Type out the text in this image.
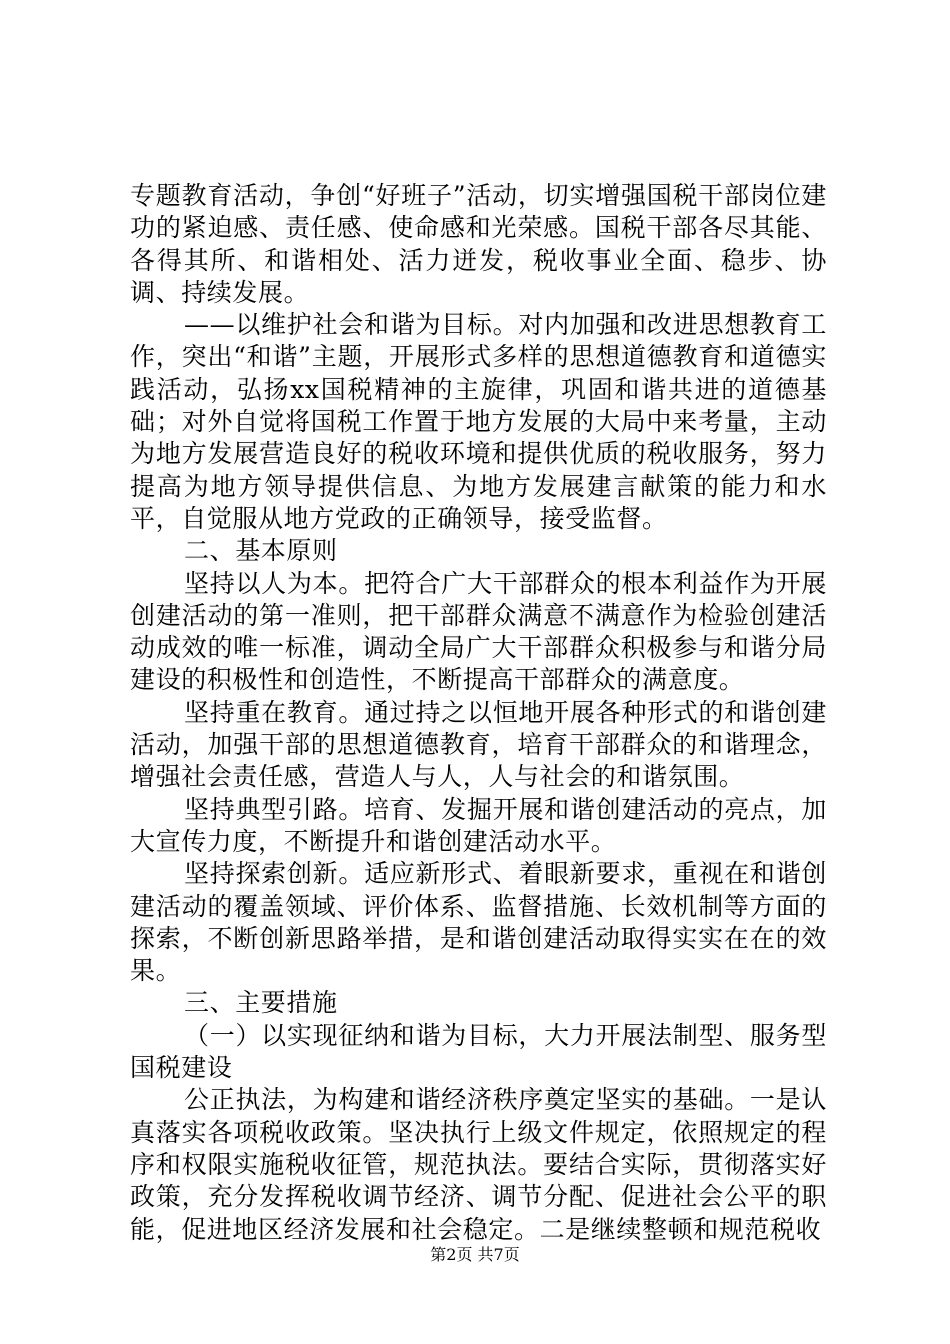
专题教育活动，争创“好班子”活动，切实增强国税干部岗位建功的紧迫感、责任感、使命感和光荣感。国税干部各尽其能、各得其所、和谐相处、活力迸发，税收事业全面、稳步、协调、持续发展。

——以维护社会和谐为目标。对内加强和改进思想教育工作，突出“和谐”主题，开展形式多样的思想道德教育和道德实践活动，弘扬xx国税精神的主旋律，巩固和谐共进的道德基础；对外自觉将国税工作置于地方发展的大局中来考量，主动为地方发展营造良好的税收环境和提供优质的税收服务，努力提高为地方领导提供信息、为地方发展建言献策的能力和水平，自觉服从地方党政的正确领导，接受监督。

二、基本原则

坚持以人为本。把符合广大干部群众的根本利益作为开展创建活动的第一准则，把干部群众满意不满意作为检验创建活动成效的唯一标准，调动全局广大干部群众积极参与和谐分局建设的积极性和创造性，不断提高干部群众的满意度。

坚持重在教育。通过持之以恒地开展各种形式的和谐创建活动，加强干部的思想道德教育，培育干部群众的和谐理念，增强社会责任感，营造人与人，人与社会的和谐氛围。

坚持典型引路。培育、发掘开展和谐创建活动的亮点，加大宣传力度，不断提升和谐创建活动水平。

坚持探索创新。适应新形式、着眼新要求，重视在和谐创建活动的覆盖领域、评价体系、监督措施、长效机制等方面的探索，不断创新思路举措，是和谐创建活动取得实实在在的效果。

三、主要措施

（一）以实现征纳和谐为目标，大力开展法制型、服务型国税建设

公正执法，为构建和谐经济秩序奠定坚实的基础。一是认真落实各项税收政策。坚决执行上级文件规定，依照规定的程序和权限实施税收征管，规范执法。要结合实际，贯彻落实好政策，充分发挥税收调节经济、调节分配、促进社会公平的职能，促进地区经济发展和社会稳定。二是继续整顿和规范税收

第2页 共7页
